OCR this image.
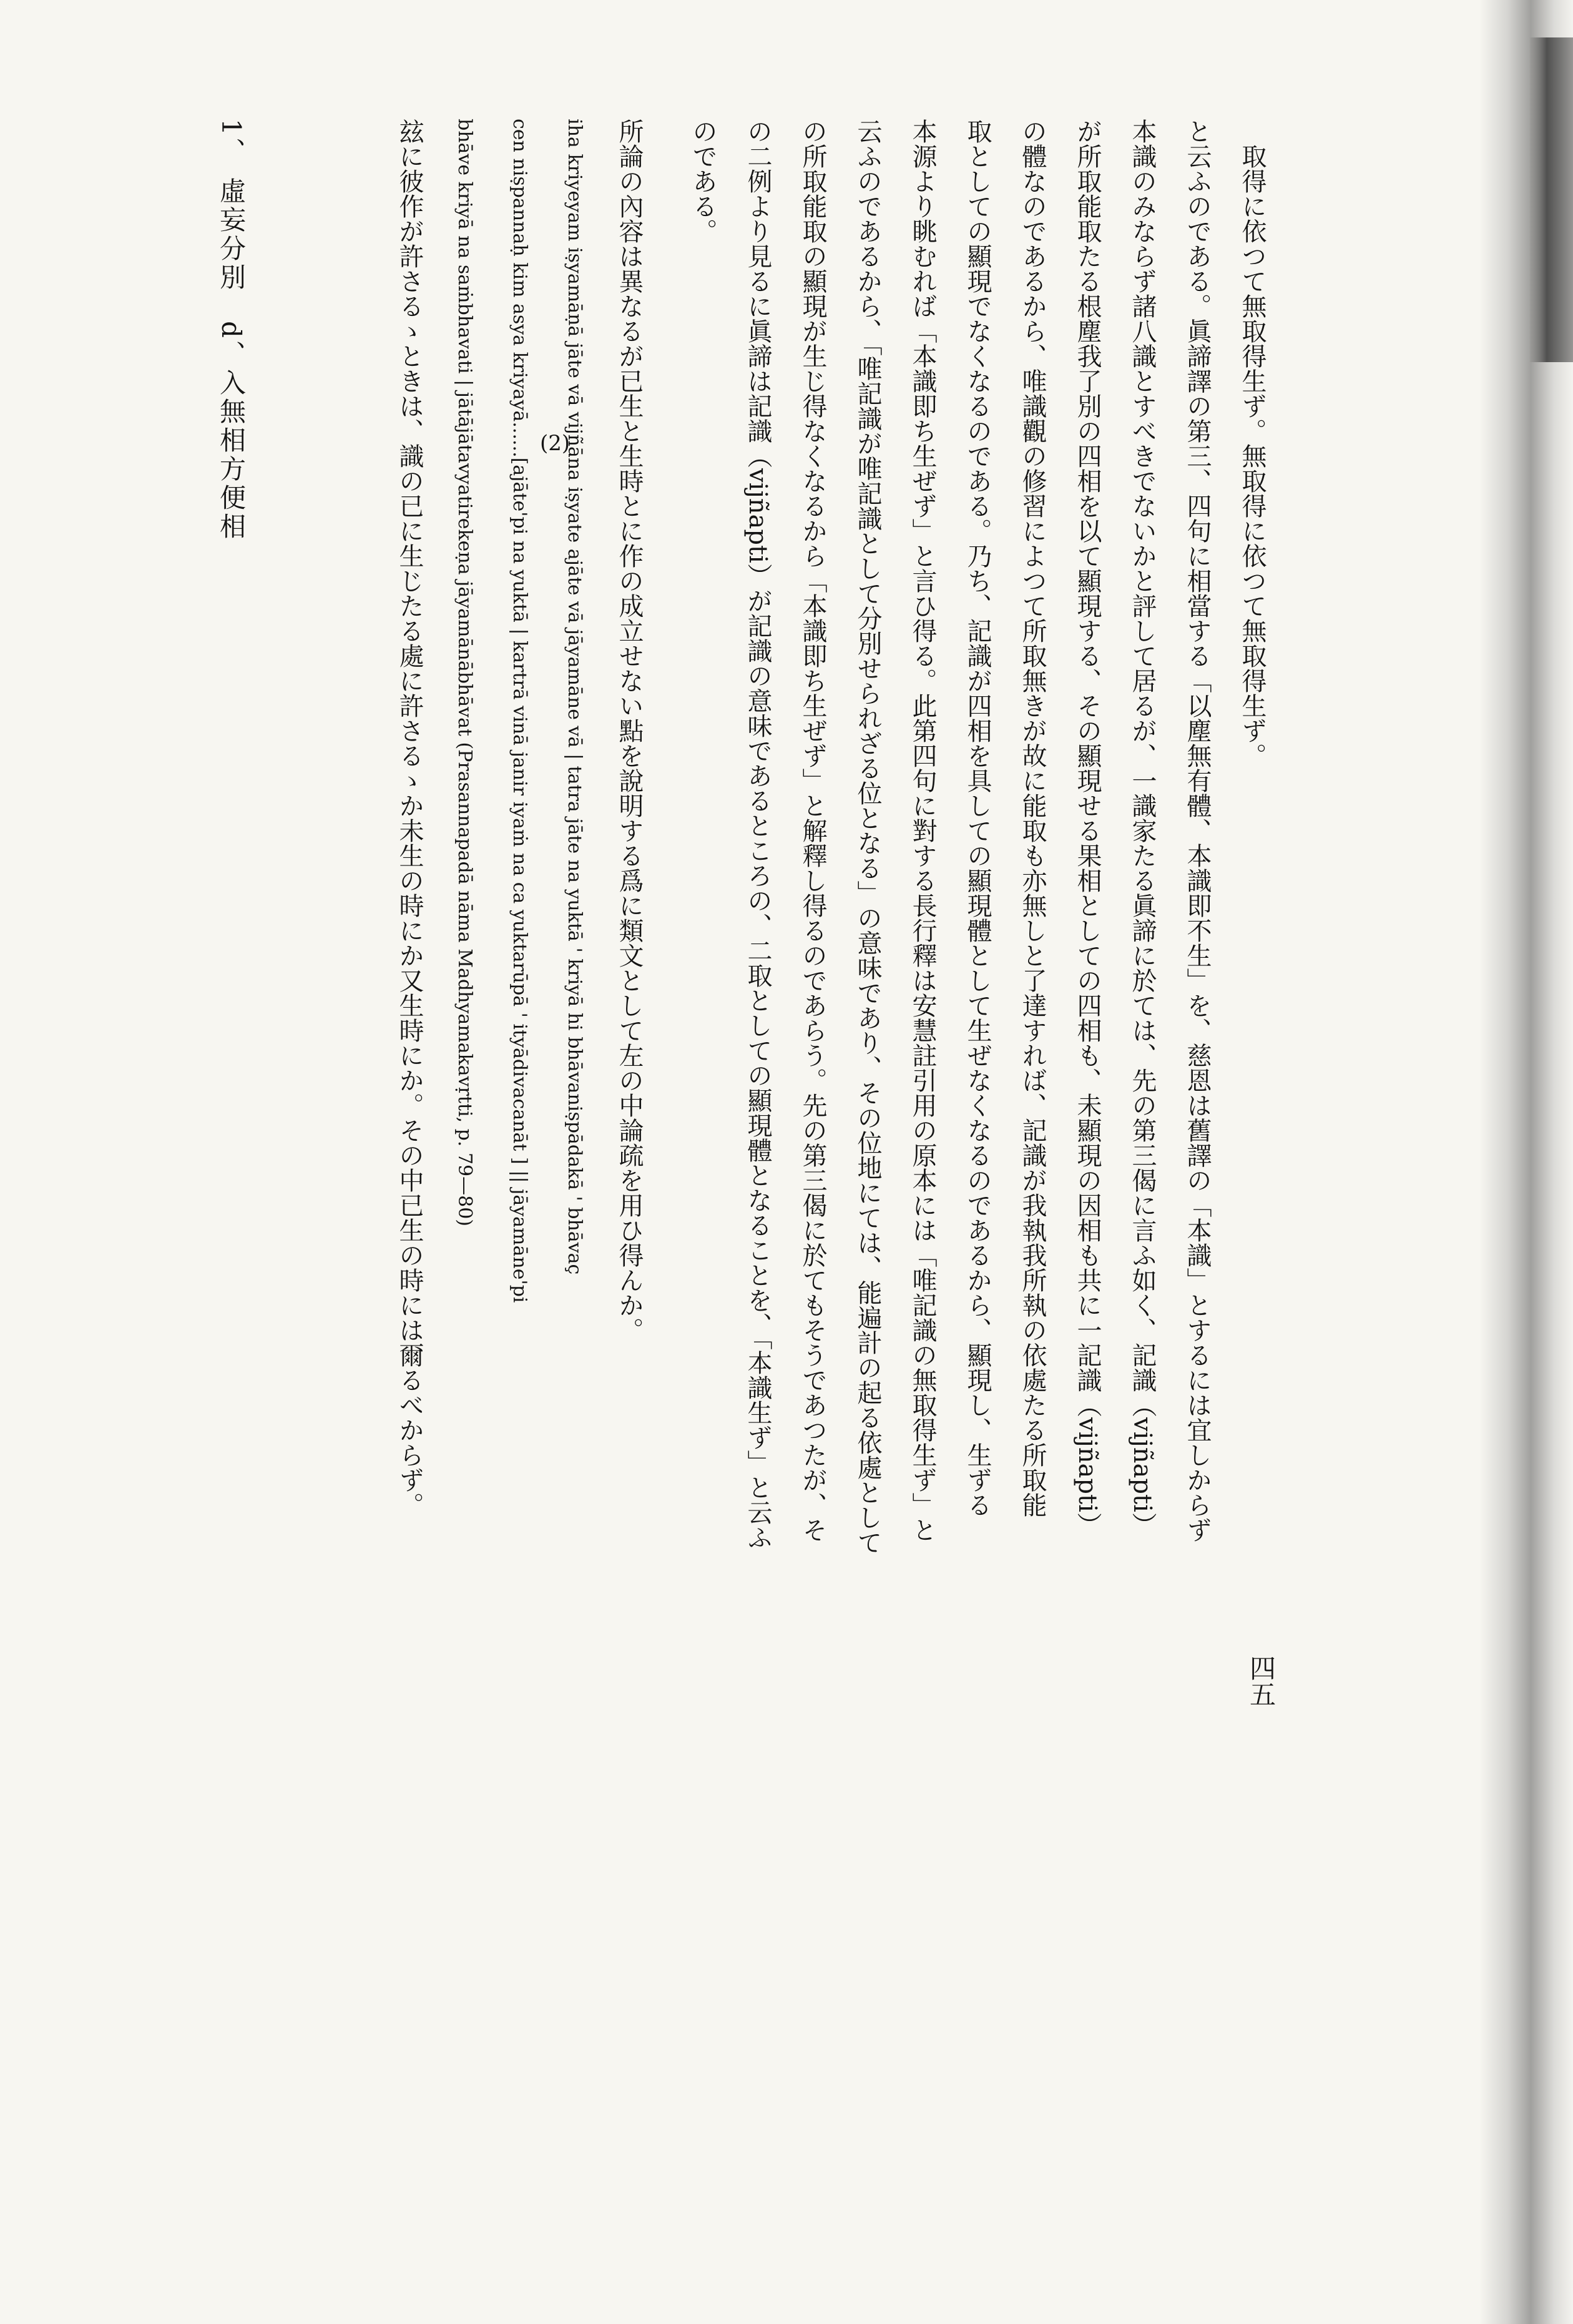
取得に依つて無取得生ず。無取得に依つて無取得生ず。

と云ふのである。眞諦譯の第三、四句に相當する「以塵無有體、本識即不生」を、慈恩は舊譯の「本識」とするには宜しからず

本識のみならず諸八識とすべきでないかと評して居るが、一識家たる眞諦に於ては、先の第三偈に言ふ如く、記識（vijñapti）

が所取能取たる根塵我了別の四相を以て顯現する、その顯現せる果相としての四相も、未顯現の因相も共に一記識（vijñapti）

の體なのであるから、唯識觀の修習によつて所取無きが故に能取も亦無しと了達すれば、記識が我執我所執の依處たる所取能

取としての顯現でなくなるのである。乃ち、記識が四相を具しての顯現體として生ぜなくなるのであるから、顯現し、生ずる

本源より眺むれば「本識即ち生ぜず」と言ひ得る。此第四句に對する長行釋は安慧註引用の原本には「唯記識の無取得生ず」と

云ふのであるから、「唯記識が唯記識として分別せられざる位となる」の意味であり、その位地にては、能遍計の起る依處として

の所取能取の顯現が生じ得なくなるから「本識即ち生ぜず」と解釋し得るのであらう。先の第三偈に於てもそうであつたが、そ

の二例より見るに眞諦は記識（vijñapti）が記識の意味であるところの、二取としての顯現體となることを、「本識生ず」と云ふ

のである。

所論の內容は異なるが已生と生時とに作の成立せない點を說明する爲に類文として左の中論疏を用ひ得んか。

iha kriyeyam iṣyamāṇā jāte vā vijñāna iṣyate ajāte vā jāyamāne vā | tatra jāte na yuktā ' kriyā hi bhāvaniṣpādakā ' bhāvaç

cen niṣpannaḥ kim asya kriyayā......[ajāte'pi na yuktā | kartrā vinā janir iyaṁ na ca yuktarūpā ' ityādivacanāt ] || jāyamāne'pi

bhāve kriyā na saṁbhavati | jātājātavyatirekeṇa jāyamānābhāvat (Prasannapadā nāma Madhyamakavṛtti, p. 79—80)

玆に彼作が許さるゝときは、識の已に生じたる處に許さるゝか未生の時にか又生時にか。その中已生の時には爾るべからず。	(2)
1、 虛妄分別　d、入無相方便相
四五
